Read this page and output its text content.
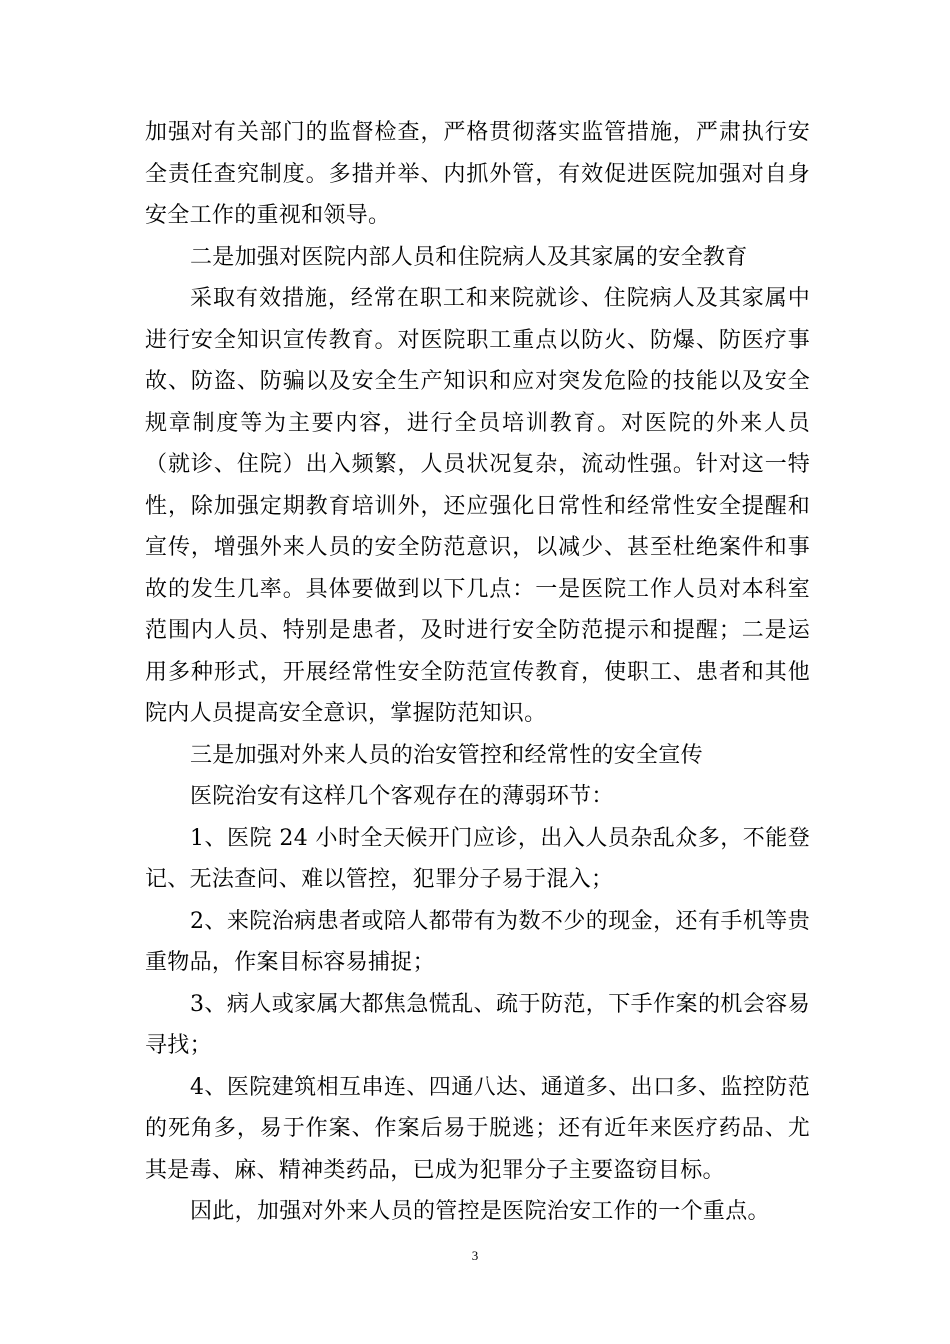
加强对有关部门的监督检查，严格贯彻落实监管措施，严肃执行安全责任查究制度。多措并举、内抓外管，有效促进医院加强对自身安全工作的重视和领导。

二是加强对医院内部人员和住院病人及其家属的安全教育

采取有效措施，经常在职工和来院就诊、住院病人及其家属中进行安全知识宣传教育。对医院职工重点以防火、防爆、防医疗事故、防盗、防骗以及安全生产知识和应对突发危险的技能以及安全规章制度等为主要内容，进行全员培训教育。对医院的外来人员（就诊、住院）出入频繁，人员状况复杂，流动性强。针对这一特性，除加强定期教育培训外，还应强化日常性和经常性安全提醒和宣传，增强外来人员的安全防范意识，以减少、甚至杜绝案件和事故的发生几率。具体要做到以下几点：一是医院工作人员对本科室范围内人员、特别是患者，及时进行安全防范提示和提醒；二是运用多种形式，开展经常性安全防范宣传教育，使职工、患者和其他院内人员提高安全意识，掌握防范知识。

三是加强对外来人员的治安管控和经常性的安全宣传

医院治安有这样几个客观存在的薄弱环节：

1、医院 24 小时全天候开门应诊，出入人员杂乱众多，不能登记、无法查问、难以管控，犯罪分子易于混入；

2、来院治病患者或陪人都带有为数不少的现金，还有手机等贵重物品，作案目标容易捕捉；

3、病人或家属大都焦急慌乱、疏于防范，下手作案的机会容易寻找；

4、医院建筑相互串连、四通八达、通道多、出口多、监控防范的死角多，易于作案、作案后易于脱逃；还有近年来医疗药品、尤其是毒、麻、精神类药品，已成为犯罪分子主要盗窃目标。

因此，加强对外来人员的管控是医院治安工作的一个重点。

3
